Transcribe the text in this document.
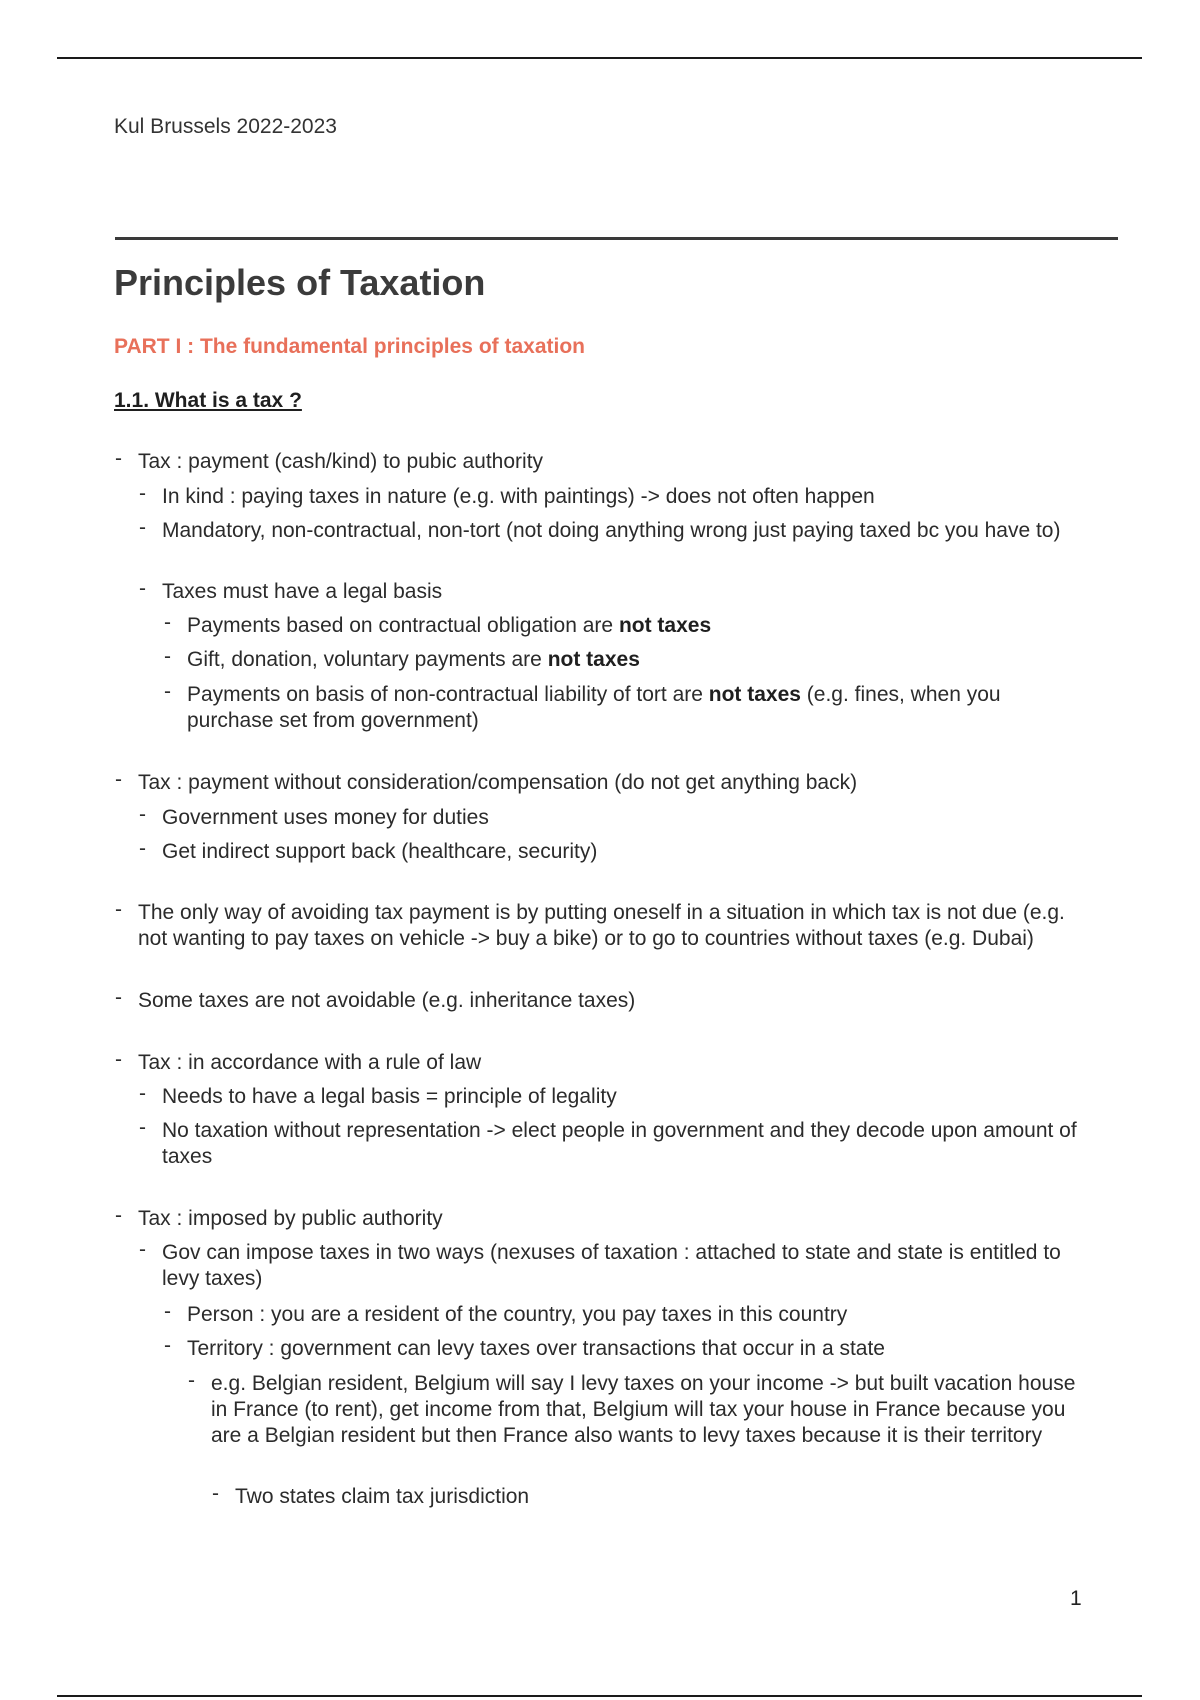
Kul Brussels 2022-2023
Principles of Taxation
PART I : The fundamental principles of taxation
1.1. What is a tax ?
- Tax : payment (cash/kind) to pubic authority
- In kind : paying taxes in nature (e.g. with paintings) -> does not often happen
- Mandatory, non-contractual, non-tort (not doing anything wrong just paying taxed bc you have to)
- Taxes must have a legal basis
- Payments based on contractual obligation are not taxes
- Gift, donation, voluntary payments are not taxes
- Payments on basis of non-contractual liability of tort are not taxes (e.g. fines, when you purchase set from government)
- Tax : payment without consideration/compensation (do not get anything back)
- Government uses money for duties
- Get indirect support back (healthcare, security)
- The only way of avoiding tax payment is by putting oneself in a situation in which tax is not due (e.g. not wanting to pay taxes on vehicle -> buy a bike) or to go to countries without taxes (e.g. Dubai)
- Some taxes are not avoidable (e.g. inheritance taxes)
- Tax : in accordance with a rule of law
- Needs to have a legal basis = principle of legality
- No taxation without representation -> elect people in government and they decode upon amount of taxes
- Tax : imposed by public authority
- Gov can impose taxes in two ways (nexuses of taxation : attached to state and state is entitled to levy taxes)
- Person : you are a resident of the country, you pay taxes in this country
- Territory : government can levy taxes over transactions that occur in a state
- e.g. Belgian resident, Belgium will say I levy taxes on your income -> but built vacation house in France (to rent), get income from that, Belgium will tax your house in France because you are a Belgian resident but then France also wants to levy taxes because it is their territory
- Two states claim tax jurisdiction
1
